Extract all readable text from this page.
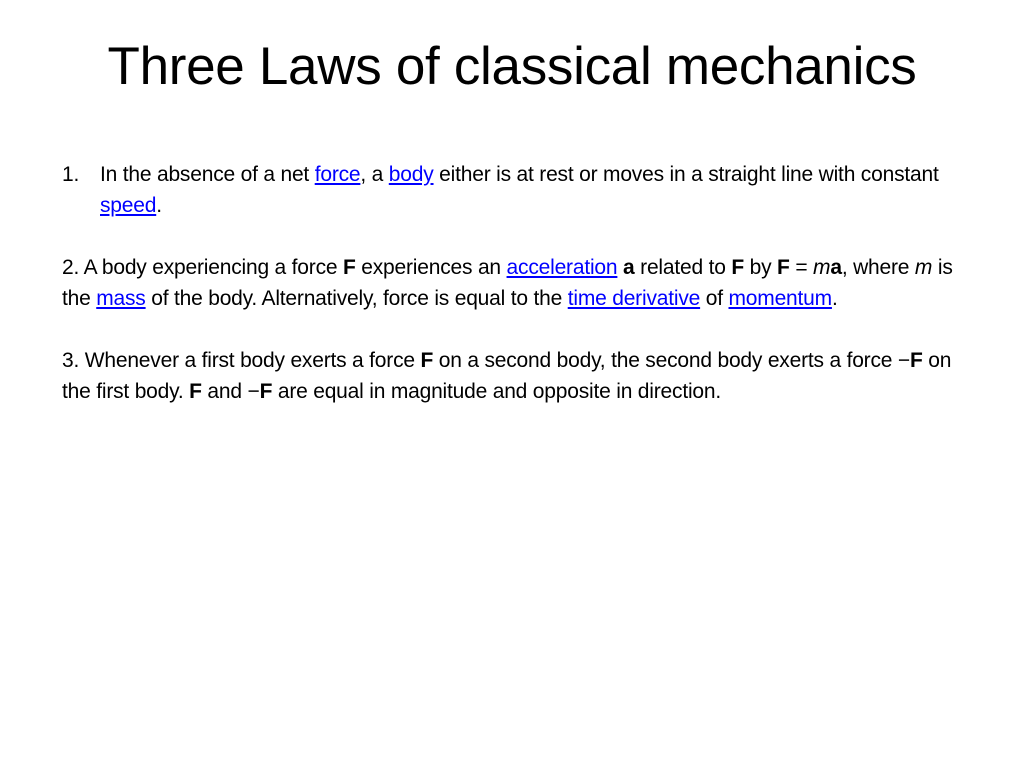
Three Laws of classical mechanics

1. In the absence of a net force, a body either is at rest or moves in a straight line with constant speed.

2. A body experiencing a force F experiences an acceleration a related to F by F = ma, where m is the mass of the body. Alternatively, force is equal to the time derivative of momentum.

3. Whenever a first body exerts a force F on a second body, the second body exerts a force −F on the first body. F and −F are equal in magnitude and opposite in direction.
